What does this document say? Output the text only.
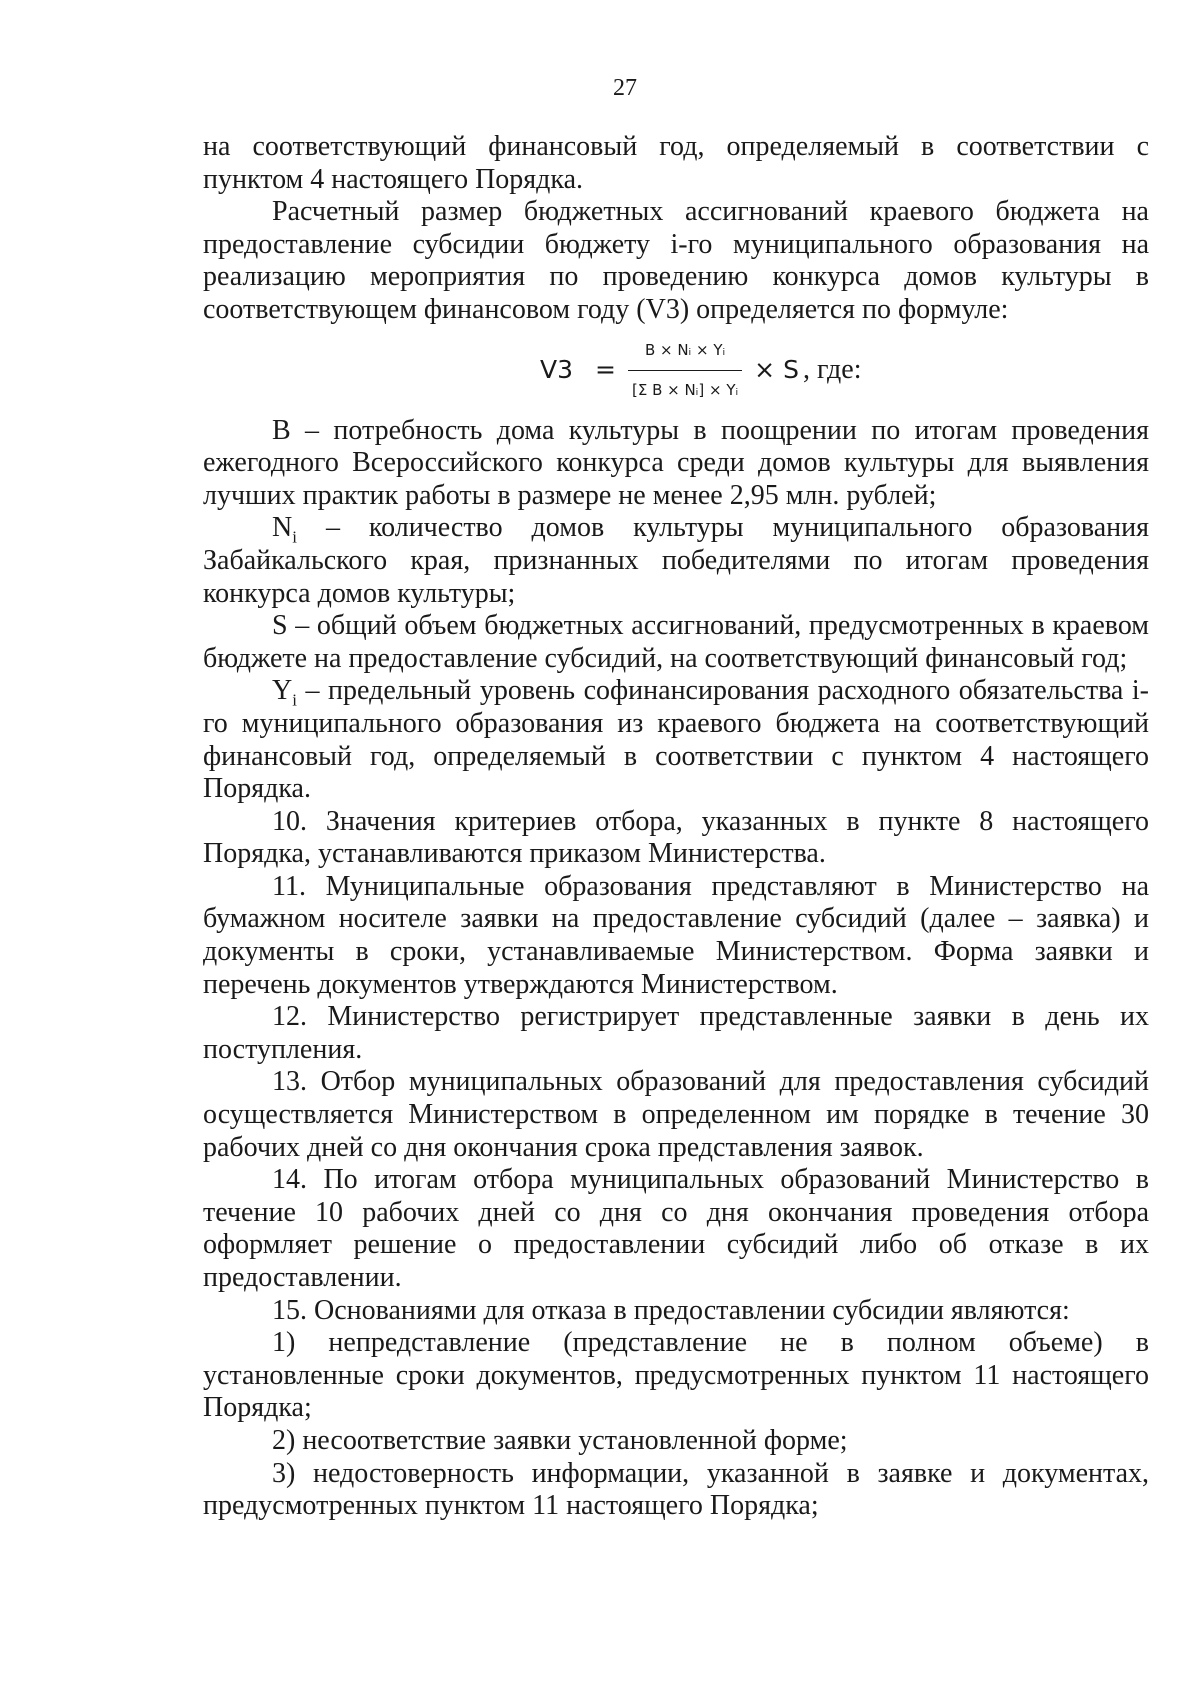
27

на соответствующий финансовый год, определяемый в соответствии с пунктом 4 настоящего Порядка.

Расчетный размер бюджетных ассигнований краевого бюджета на предоставление субсидии бюджету i-го муниципального образования на реализацию мероприятия по проведению конкурса домов культуры в соответствующем финансовом году (V3) определяется по формуле:

$V3 = \frac{\text{B × Nᵢ × Yᵢ}}{\text{[Σ B × Nᵢ] × Yᵢ}} \times S$ , где:

B – потребность дома культуры в поощрении по итогам проведения ежегодного Всероссийского конкурса среди домов культуры для выявления лучших практик работы в размере не менее 2,95 млн. рублей;

$N_i$ – количество домов культуры муниципального образования Забайкальского края, признанных победителями по итогам проведения конкурса домов культуры;

S – общий объем бюджетных ассигнований, предусмотренных в краевом бюджете на предоставление субсидий, на соответствующий финансовый год;

$Y_i$ – предельный уровень софинансирования расходного обязательства i-го муниципального образования из краевого бюджета на соответствующий финансовый год, определяемый в соответствии с пунктом 4 настоящего Порядка.

10. Значения критериев отбора, указанных в пункте 8 настоящего Порядка, устанавливаются приказом Министерства.

11. Муниципальные образования представляют в Министерство на бумажном носителе заявки на предоставление субсидий (далее – заявка) и документы в сроки, устанавливаемые Министерством. Форма заявки и перечень документов утверждаются Министерством.

12. Министерство регистрирует представленные заявки в день их поступления.

13. Отбор муниципальных образований для предоставления субсидий осуществляется Министерством в определенном им порядке в течение 30 рабочих дней со дня окончания срока представления заявок.

14. По итогам отбора муниципальных образований Министерство в течение 10 рабочих дней со дня со дня окончания проведения отбора оформляет решение о предоставлении субсидий либо об отказе в их предоставлении.

15. Основаниями для отказа в предоставлении субсидии являются:

1) непредставление (представление не в полном объеме) в установленные сроки документов, предусмотренных пунктом 11 настоящего Порядка;

2) несоответствие заявки установленной форме;

3) недостоверность информации, указанной в заявке и документах, предусмотренных пунктом 11 настоящего Порядка;
